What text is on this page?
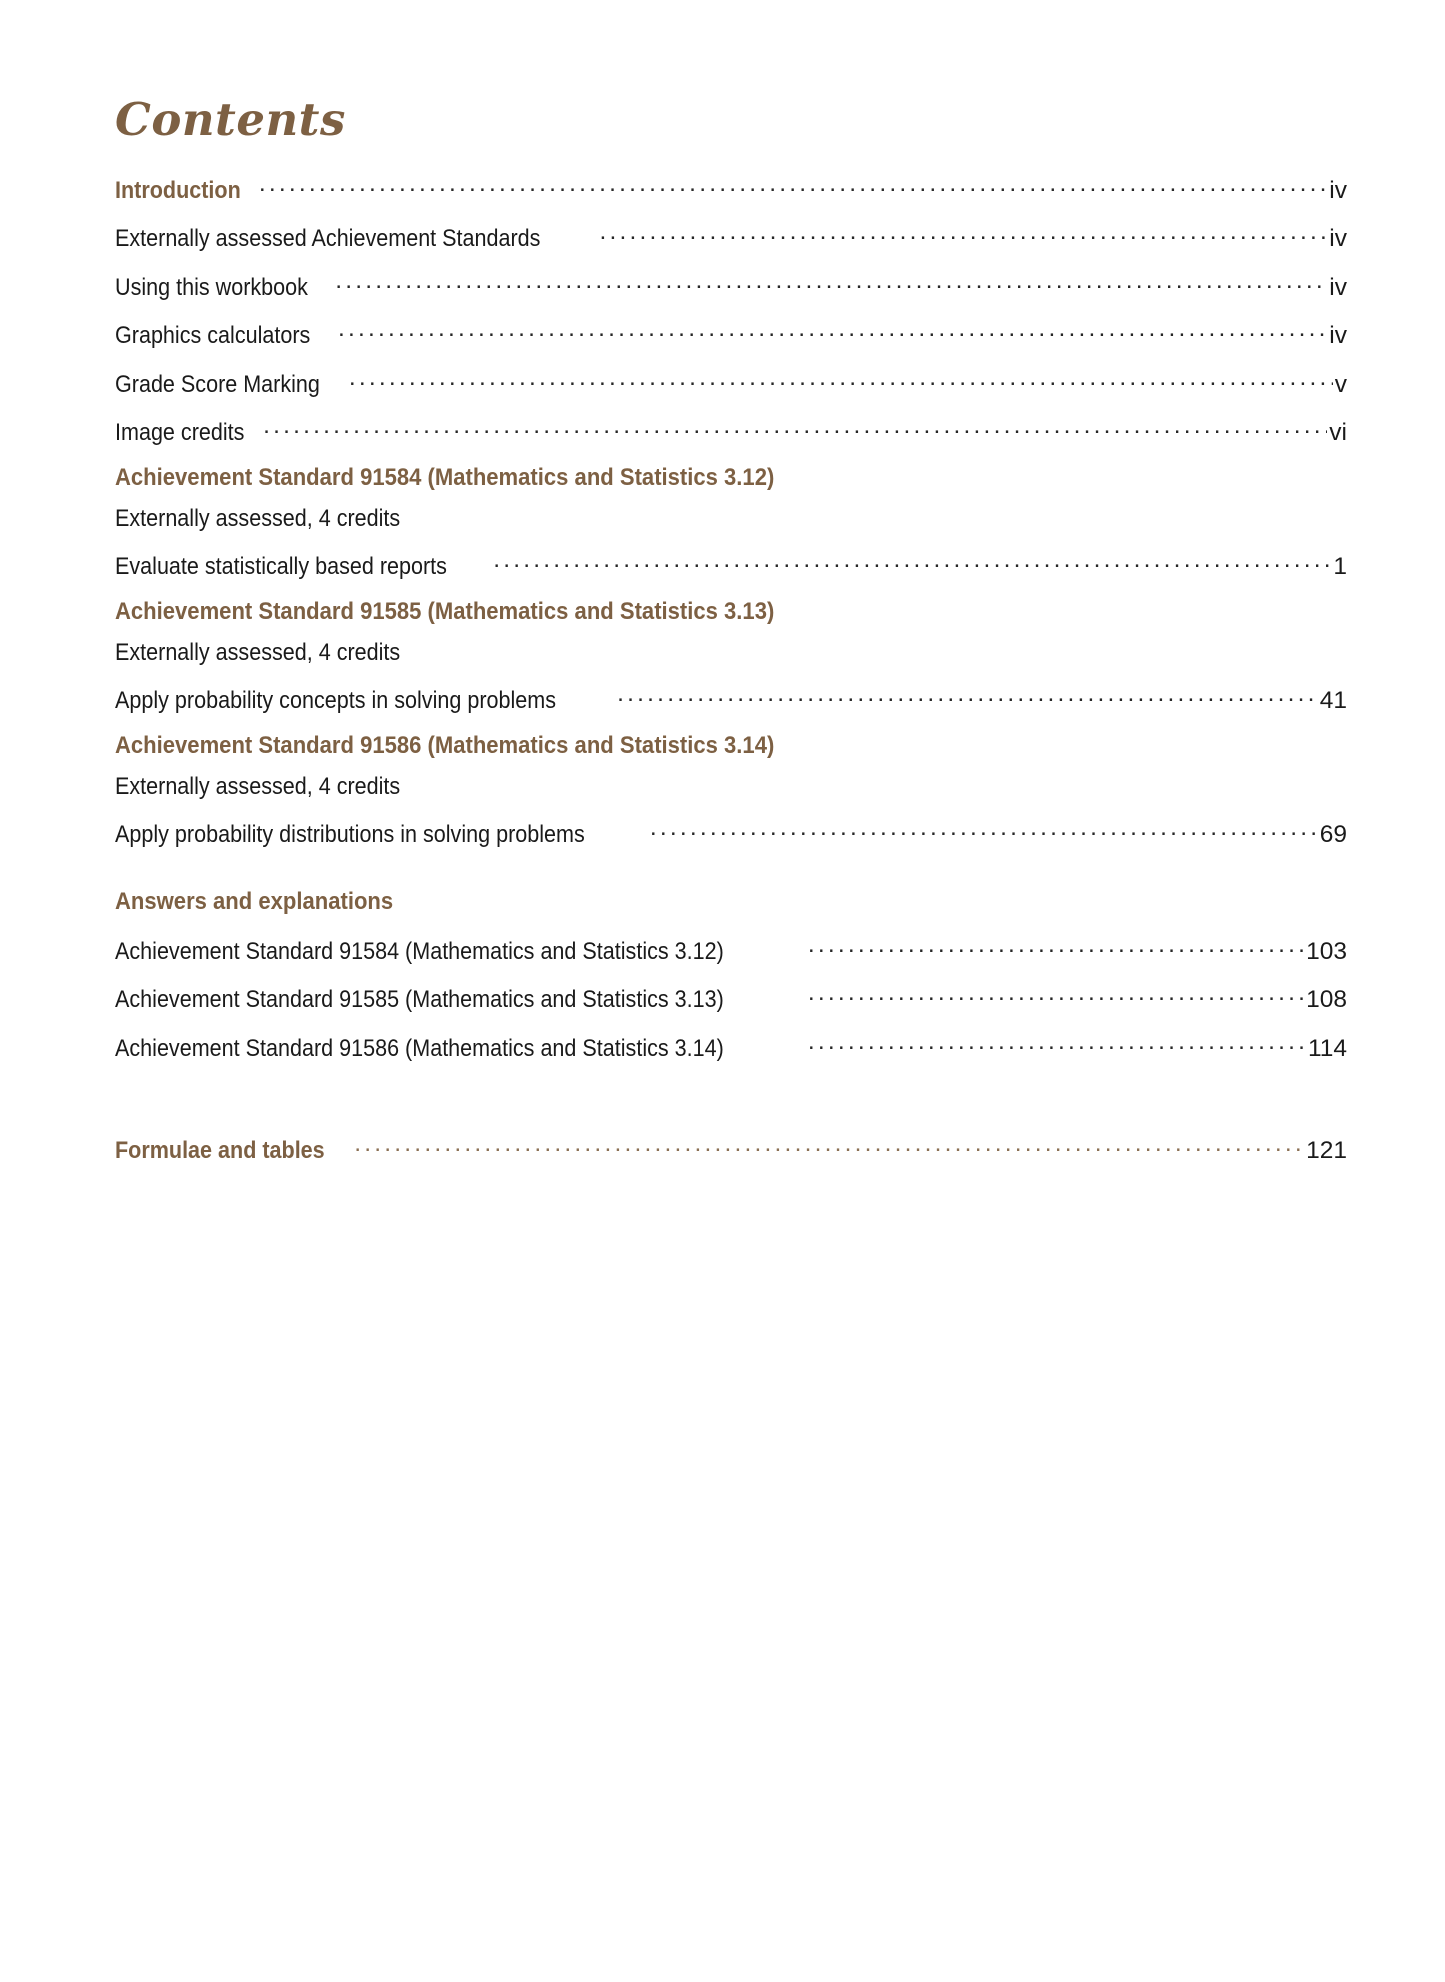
Contents
Introduction .....	iv
Externally assessed Achievement Standards .....	iv
Using this workbook .....	iv
Graphics calculators .....	iv
Grade Score Marking .....	v
Image credits .....	vi
Achievement Standard 91584 (Mathematics and Statistics 3.12)
Externally assessed, 4 credits
Evaluate statistically based reports .....	1
Achievement Standard 91585 (Mathematics and Statistics 3.13)
Externally assessed, 4 credits
Apply probability concepts in solving problems .....	41
Achievement Standard 91586 (Mathematics and Statistics 3.14)
Externally assessed, 4 credits
Apply probability distributions in solving problems .....	69
Answers and explanations
Achievement Standard 91584 (Mathematics and Statistics 3.12) .....	103
Achievement Standard 91585 (Mathematics and Statistics 3.13) .....	108
Achievement Standard 91586 (Mathematics and Statistics 3.14) .....	114
Formulae and tables .....	121
